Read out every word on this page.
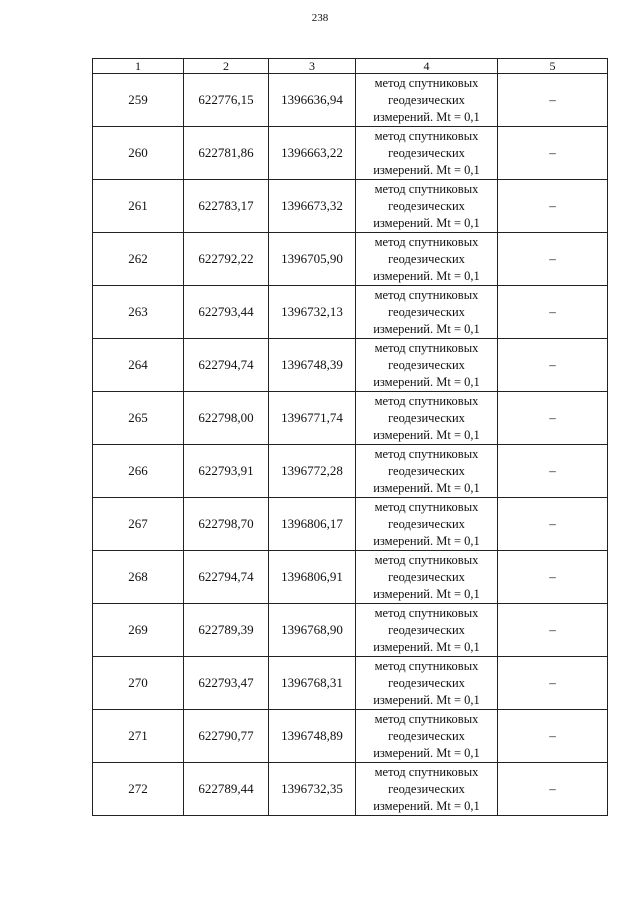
238
1	2	3	4	5
259	622776,15	1396636,94	метод спутниковых
геодезических
измерений. Mt = 0,1	–
260	622781,86	1396663,22	метод спутниковых
геодезических
измерений. Mt = 0,1	–
261	622783,17	1396673,32	метод спутниковых
геодезических
измерений. Mt = 0,1	–
262	622792,22	1396705,90	метод спутниковых
геодезических
измерений. Mt = 0,1	–
263	622793,44	1396732,13	метод спутниковых
геодезических
измерений. Mt = 0,1	–
264	622794,74	1396748,39	метод спутниковых
геодезических
измерений. Mt = 0,1	–
265	622798,00	1396771,74	метод спутниковых
геодезических
измерений. Mt = 0,1	–
266	622793,91	1396772,28	метод спутниковых
геодезических
измерений. Mt = 0,1	–
267	622798,70	1396806,17	метод спутниковых
геодезических
измерений. Mt = 0,1	–
268	622794,74	1396806,91	метод спутниковых
геодезических
измерений. Mt = 0,1	–
269	622789,39	1396768,90	метод спутниковых
геодезических
измерений. Mt = 0,1	–
270	622793,47	1396768,31	метод спутниковых
геодезических
измерений. Mt = 0,1	–
271	622790,77	1396748,89	метод спутниковых
геодезических
измерений. Mt = 0,1	–
272	622789,44	1396732,35	метод спутниковых
геодезических
измерений. Mt = 0,1	–
